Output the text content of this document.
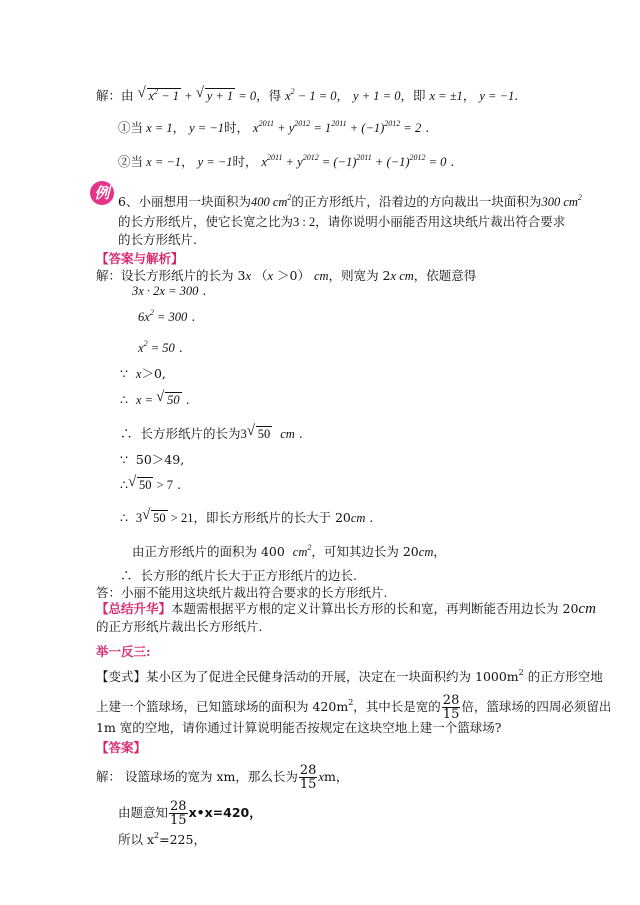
解：由 √ $x^2 - 1$ + √ y + 1 = 0，得 $x^2 - 1 = 0$， y + 1 = 0，即 x = ±1， y = −1.
①当 x = 1， y = −1时， $x^{2011} + y^{2012} = 1^{2011} + (-1)^{2012} = 2$ .
②当 x = −1， y = −1时， $x^{2011} + y^{2012} = (-1)^{2011} + (-1)^{2012} = 0$ .
例 6、小丽想用一块面积为400 $cm^2$的正方形纸片，沿着边的方向裁出一块面积为300 $cm^2$
的长方形纸片，使它长宽之比为3 : 2，请你说明小丽能否用这块纸片裁出符合要求
的长方形纸片.
【答案与解析】
解：设长方形纸片的长为 3x （x ＞0） cm，则宽为 2x cm，依题意得
3x · 2x = 300 .
$6x^2 = 300$ .
$x^2 = 50$ .
∵ x＞0,
∴ x = √ 50 .
∴ 长方形纸片的长为3 √ 50 cm .
∵ 50＞49,
∴ √ 50 > 7 .
∴ 3 √ 50 > 21，即长方形纸片的长大于 20cm .
由正方形纸片的面积为 400 $cm^2$，可知其边长为 20cm，
∴ 长方形的纸片长大于正方形纸片的边长.
答：小丽不能用这块纸片裁出符合要求的长方形纸片.
【总结升华】本题需根据平方根的定义计算出长方形的长和宽，再判断能否用边长为 20cm
的正方形纸片裁出长方形纸片.
举一反三:
【变式】某小区为了促进全民健身活动的开展，决定在一块面积约为 $1000m^2$ 的正方形空地
上建一个篮球场，已知篮球场的面积为 $420m^2$，其中长是宽的 $\frac{28}{15}$ 倍，篮球场的四周必须留出
1m 宽的空地，请你通过计算说明能否按规定在这块空地上建一个篮球场?
【答案】
解： 设篮球场的宽为 xm，那么长为 $\frac{28}{15}$ xm，
由题意知 $\frac{28}{15}$ x•x=420，
所以 $x^2=225$，
